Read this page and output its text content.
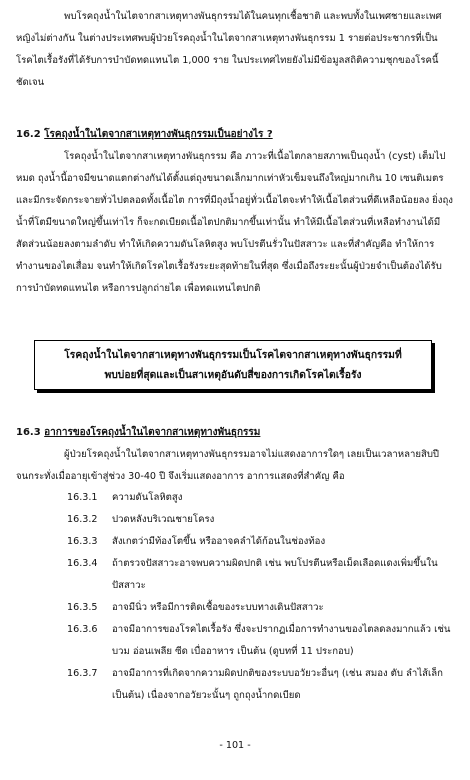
พบโรคถุงน้ำในไตจากสาเหตุทางพันธุกรรมได้ในคนทุกเชื้อชาติ และพบทั้งในเพศชายและเพศหญิงไม่ต่างกัน ในต่างประเทศพบผู้ป่วยโรคถุงน้ำในไตจากสาเหตุทางพันธุกรรม 1 รายต่อประชากรที่เป็นโรคไตเรื้อรังที่ได้รับการบำบัดทดแทนไต 1,000 ราย ในประเทศไทยยังไม่มีข้อมูลสถิติความชุกของโรคนี้ชัดเจน

16.2 โรคถุงน้ำในไตจากสาเหตุทางพันธุกรรมเป็นอย่างไร ?

โรคถุงน้ำในไตจากสาเหตุทางพันธุกรรม คือ ภาวะที่เนื้อไตกลายสภาพเป็นถุงน้ำ (cyst) เต็มไปหมด ถุงน้ำนี้อาจมีขนาดแตกต่างกันได้ตั้งแต่ถุงขนาดเล็กมากเท่าหัวเข็มจนถึงใหญ่มากเกิน 10 เซนติเมตร และมีกระจัดกระจายทั่วไปตลอดทั้งเนื้อไต การที่มีถุงน้ำอยู่ทั่วเนื้อไตจะทำให้เนื้อไตส่วนที่ดีเหลือน้อยลง ยิ่งถุงน้ำที่โตมีขนาดใหญ่ขึ้นเท่าไร ก็จะกดเบียดเนื้อไตปกติมากขึ้นเท่านั้น ทำให้มีเนื้อไตส่วนที่เหลือทำงานได้มีสัดส่วนน้อยลงตามลำดับ ทำให้เกิดความดันโลหิตสูง พบโปรตีนรั่วในปัสสาวะ และที่สำคัญคือ ทำให้การทำงานของไตเสื่อม จนทำให้เกิดโรคไตเรื้อรังระยะสุดท้ายในที่สุด ซึ่งเมื่อถึงระยะนั้นผู้ป่วยจำเป็นต้องได้รับการบำบัดทดแทนไต หรือการปลูกถ่ายไต เพื่อทดแทนไตปกติ

โรคถุงน้ำในไตจากสาเหตุทางพันธุกรรมเป็นโรคไตจากสาเหตุทางพันธุกรรมที่
พบบ่อยที่สุดและเป็นสาเหตุอันดับสี่ของการเกิดโรคไตเรื้อรัง

16.3 อาการของโรคถุงน้ำในไตจากสาเหตุทางพันธุกรรม

ผู้ป่วยโรคถุงน้ำในไตจากสาเหตุทางพันธุกรรมอาจไม่แสดงอาการใดๆ เลยเป็นเวลาหลายสิบปี จนกระทั่งเมื่ออายุเข้าสู่ช่วง 30-40 ปี จึงเริ่มแสดงอาการ อาการแสดงที่สำคัญ คือ

16.3.1 ความดันโลหิตสูง
16.3.2 ปวดหลังบริเวณชายโครง
16.3.3 สังเกตว่ามีท้องโตขึ้น หรืออาจคลำได้ก้อนในช่องท้อง
16.3.4 ถ้าตรวจปัสสาวะอาจพบความผิดปกติ เช่น พบโปรตีนหรือเม็ดเลือดแดงเพิ่มขึ้นในปัสสาวะ
16.3.5 อาจมีนิ่ว หรือมีการติดเชื้อของระบบทางเดินปัสสาวะ
16.3.6 อาจมีอาการของโรคไตเรื้อรัง ซึ่งจะปรากฏเมื่อการทำงานของไตลดลงมากแล้ว เช่น บวม อ่อนเพลีย ซีด เบื่ออาหาร เป็นต้น (ดูบทที่ 11 ประกอบ)
16.3.7 อาจมีอาการที่เกิดจากความผิดปกติของระบบอวัยวะอื่นๆ (เช่น สมอง ตับ ลำไส้เล็ก เป็นต้น) เนื่องจากอวัยวะนั้นๆ ถูกถุงน้ำกดเบียด

- 101 -
